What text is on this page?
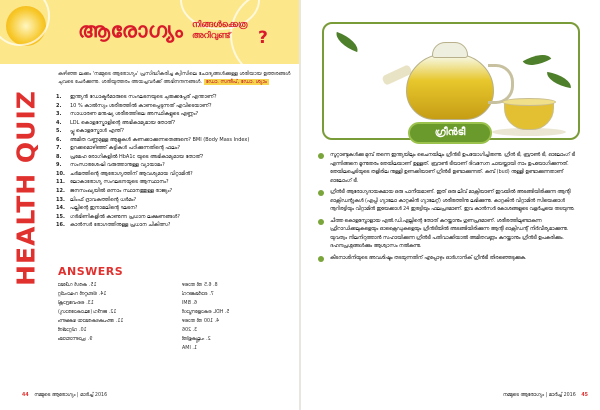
ആരോഗ്യം നിങ്ങൾക്കെത്ര അറിവുണ്ട്	?
HEALTH QUIZ
കഴിഞ്ഞ ലക്കം 'നമ്മുടെ ആരോഗ്യം' പ്രസിദ്ധീകരിച്ച ക്വിസിലെ ചോദ്യങ്ങൾക്കുള്ള ശരിയായ ഉത്തരങ്ങൾ ചുവടെ ചേർക്കുന്നു. ശരിയുത്തരം അയച്ചവർക്ക് അഭിനന്ദനങ്ങൾ. ഡോ. സന്ദീപ്, ഡോ. ശ്യാം
1. ഇന്ത്യൻ ഡോക്ടർമാരുടെ സംഘടനയുടെ ചുരുക്കപ്പേര് എന്താണ്?
2. 10 % കാൽസ്യം ശരീരത്തിൽ കാണപ്പെടുന്നത് എവിടെയാണ്?
3. സാധാരണ മനുഷ്യ ശരീരത്തിലെ അസ്ഥികളുടെ എണ്ണം?
4. LDL കൊളസ്ട്രോളിന്റെ അഭികാമ്യമായ തോത്?
5. പ്ലൂ കൊളസ്ട്രോൾ എന്ത്?
6. അമിത വണ്ണമുള്ള ആളുകൾ കണക്കാക്കുന്നതെങ്ങനെ? BMI (Body Mass Index)
7. ഉറക്കമൊഴിഞ്ഞ് കുട്ടികൾ പഠിക്കുന്നതിന്റെ ഫലം?
8. പ്രമേഹ രോഗികളിൽ HbA1c യുടെ അഭികാമ്യമായ തോത്?
9. സംസാരശേഷി വരുത്താനുള്ള വ്യായാമം?
10. ചർമത്തിന്റെ ആരോഗ്യത്തിന് ആവശ്യമായ വിറ്റാമിൻ?
11. ലോകാരോഗ്യ സംഘടനയുടെ ആസ്ഥാനം?
12. ജനസംഖ്യയിൽ ഒന്നാം സ്ഥാനത്തുള്ള രാജ്യം?
13. ലിംഫ് ദ്രാവകത്തിന്റെ ധർമം?
14. പല്ലിന്റെ ഇനാമലിന്റെ ഘടന?
15. ഗർഭിണികളിൽ കാണുന്ന പ്രധാന ലക്ഷണങ്ങൾ?
16. കാൻസർ രോഗത്തിനുള്ള പ്രധാന ചികിത്സ?
ANSWERS
15. കരൾ ഡീമോ
14. ടിബറ്റൻ റഷാഫിറ്റ
13. ഹൈദ്രോക്സി
12. ജനീവ (ലോകാരോഗ്യ)
11. അപകടകരമായ ഭക്ഷണം
10. വിറ്റാമിൻ
9. പ്രാണായാമം
8. 6.5 ൽ താഴെ
7. ഓർമക്കുറവ്
6. BMI
5. HDL കൊളസ്ട്രോൾ
4. 100 ൽ താഴെ
3. 206
2. പല്ലുകളിൽ
1. IMA
44 നമ്മുടെ ആരോഗ്യം | മാർച്ച് 2016
ഗ്രീൻടീ
സൂറ്റാണ്ടുകൾക്കു മുമ്പ് തന്നെ ഇന്ത്യയിലും ചൈനയിലും ഗ്രീൻടീ ഉപയോഗിച്ചിരുന്നു. ഗ്രീൻ ടീ, ബ്രൗൺ ടീ, ഓലോംഗ് ടീ എന്നിങ്ങനെ മൂന്നുതരം തേയിലയാണ് ഉള്ളത്. ബ്രൗൺ ടീയാണ് ദിവസേന ചായയ്ക്കായി നാം ഉപയോഗിക്കുന്നത്. തേയിലച്ചെടിയുടെ തളിരില നുള്ളി ഉണക്കിയാണ് ഗ്രീൻടീ ഉണ്ടാക്കുന്നത്. കുമ്പ് (bud) നുള്ളി ഉണ്ടാക്കുന്നതാണ് ഓലോംഗ് ടീ.
ഗ്രീൻടീ ആരോഗ്യദായകമായ ഒരു പാനീയമാണ്. ഇത് ഒരു ലീവ് മാക്സിയാണ് ഇവയിൽ അടങ്ങിയിരിക്കുന്ന ആന്റി ഓക്സിഡന്റുകൾ (എപ്പി ഗ്യാലോ കാറ്റകിൻ ഗ്യാലേറ്റ്) ശരീരത്തിനു ലഭിക്കുന്നു. കാറ്റകിൻ വിറ്റാമിൻ സിയെക്കാൾ നൂറിരട്ടിയും വിറ്റാമിൻ ഇയേക്കാൾ 24 ഇരട്ടിയും ഫലപ്രദമാണ്. ഇവ കാൻസർ കോശങ്ങളുടെ വളർച്ചയെ തടയുന്നു.
ചീത്ത കൊളസ്ട്രോളായ എൽ.ഡി.എല്ലിന്റെ തോത് കുറയ്ക്കാനും ഗുണപ്രദമാണ്. ശരീരത്തിലുണ്ടാകുന്ന ഫ്രീറാഡിക്കലുകളെയും ഓക്സൈഡുകളെയും ഗ്രീൻടീയിൽ അടങ്ങിയിരിക്കുന്ന ആന്റി ഓക്സിഡന്റ് നിർവീര്യമാക്കുന്നു. യുവത്വം നിലനിറുത്താൻ സഹായിക്കുന്ന ഗ്രീൻടീ പതിവാക്കിയാൽ അമിതവണ്ണം കുറയ്ക്കാനും ഗ്രീൻടീ ഉപകരിക്കും. ദഹനപ്രശ്നങ്ങൾക്കും ആശ്വാസം നൽകുന്നു.
കീടനാശിനിയുടെ അവശിഷ്ടം തടയുന്നതിന് എപ്പോഴും ഓർഗാനിക് ഗ്രീൻടീ തിരഞ്ഞെടുക്കുക.
നമ്മുടെ ആരോഗ്യം | മാർച്ച് 2016 45
